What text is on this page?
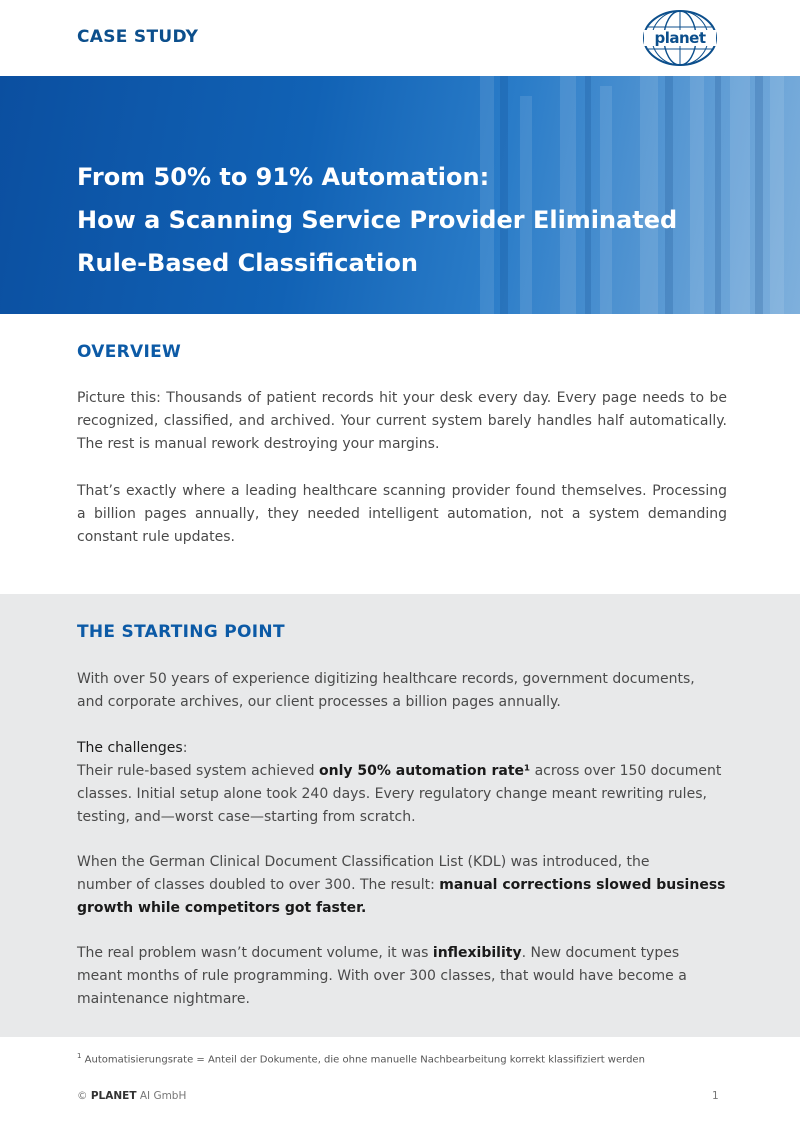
CASE STUDY	planet
From 50% to 91% Automation:
How a Scanning Service Provider Eliminated
Rule-Based Classification
OVERVIEW
Picture this: Thousands of patient records hit your desk every day. Every page needs to be
recognized, classified, and archived. Your current system barely handles half automatically.
The rest is manual rework destroying your margins.
That’s exactly where a leading healthcare scanning provider found themselves. Processing
a billion pages annually, they needed intelligent automation, not a system demanding
constant rule updates.
THE STARTING POINT
With over 50 years of experience digitizing healthcare records, government documents,
and corporate archives, our client processes a billion pages annually.
The challenges:
Their rule-based system achieved only 50% automation rate¹ across over 150 document
classes. Initial setup alone took 240 days. Every regulatory change meant rewriting rules,
testing, and—worst case—starting from scratch.
When the German Clinical Document Classification List (KDL) was introduced, the
number of classes doubled to over 300. The result: manual corrections slowed business
growth while competitors got faster.
The real problem wasn’t document volume, it was inflexibility. New document types
meant months of rule programming. With over 300 classes, that would have become a
maintenance nightmare.
$^1$ Automatisierungsrate = Anteil der Dokumente, die ohne manuelle Nachbearbeitung korrekt klassifiziert werden
© PLANET AI GmbH	1
